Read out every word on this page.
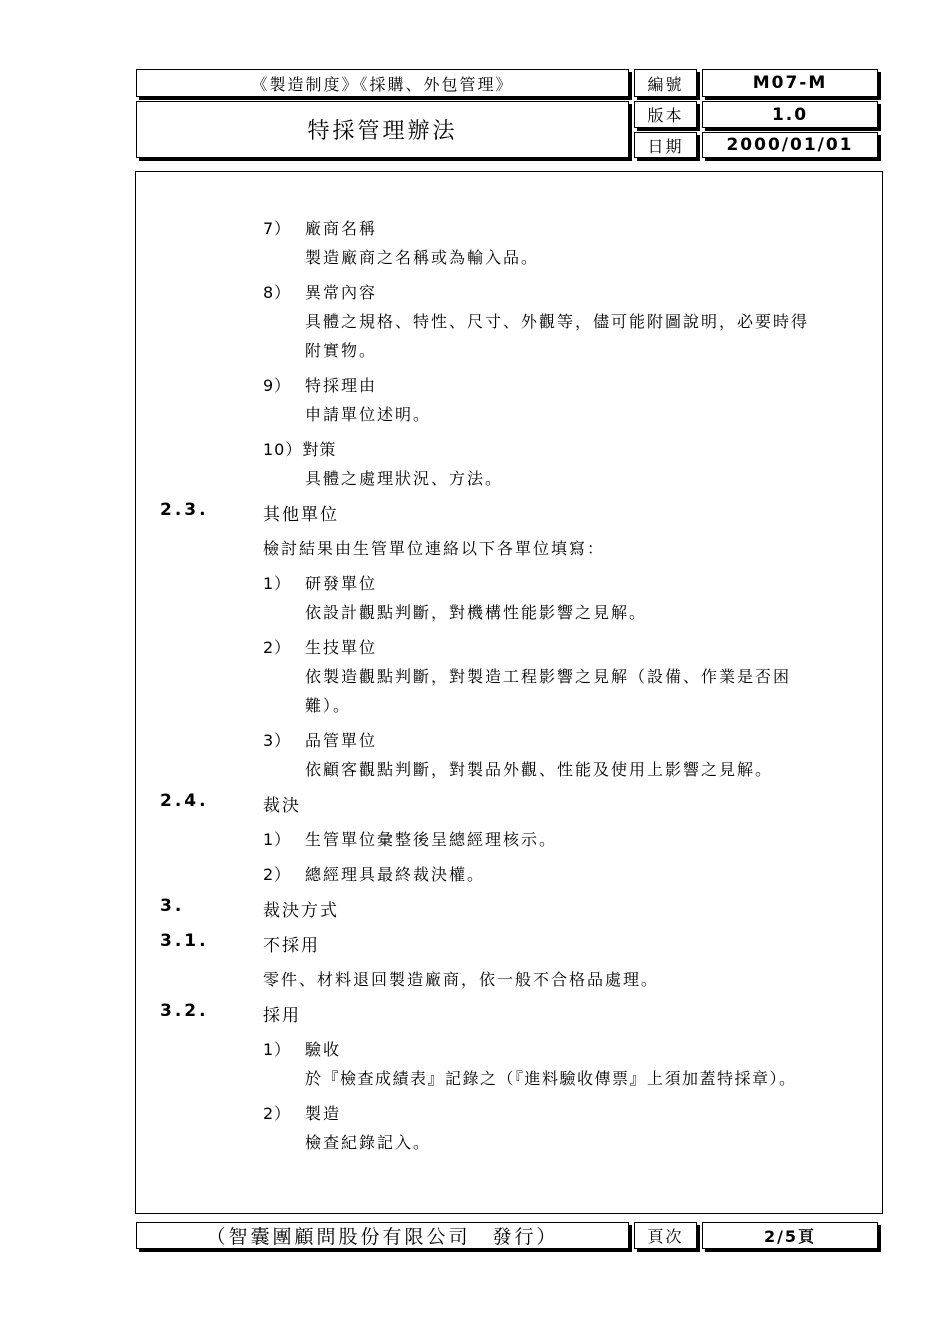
《製造制度》《採購、外包管理》	編號	M07-M
特採管理辦法
版本	1.0
日期	2000/01/01
7） 廠商名稱
製造廠商之名稱或為輸入品。
8） 異常內容
具體之規格、特性、尺寸、外觀等，儘可能附圖說明，必要時得
附實物。
9） 特採理由
申請單位述明。
10）對策
具體之處理狀況、方法。
2.3.	其他單位
檢討結果由生管單位連絡以下各單位填寫：
1） 研發單位
依設計觀點判斷，對機構性能影響之見解。
2） 生技單位
依製造觀點判斷，對製造工程影響之見解（設備、作業是否困
難）。
3） 品管單位
依顧客觀點判斷，對製品外觀、性能及使用上影響之見解。
2.4.	裁決
1） 生管單位彙整後呈總經理核示。
2） 總經理具最終裁決權。
3.	裁決方式
3.1.	不採用
零件、材料退回製造廠商，依一般不合格品處理。
3.2.	採用
1） 驗收
於『檢查成績表』記錄之（『進料驗收傳票』上須加蓋特採章）。
2） 製造
檢查紀錄記入。
（智囊團顧問股份有限公司　發行）	頁次	2/5頁
